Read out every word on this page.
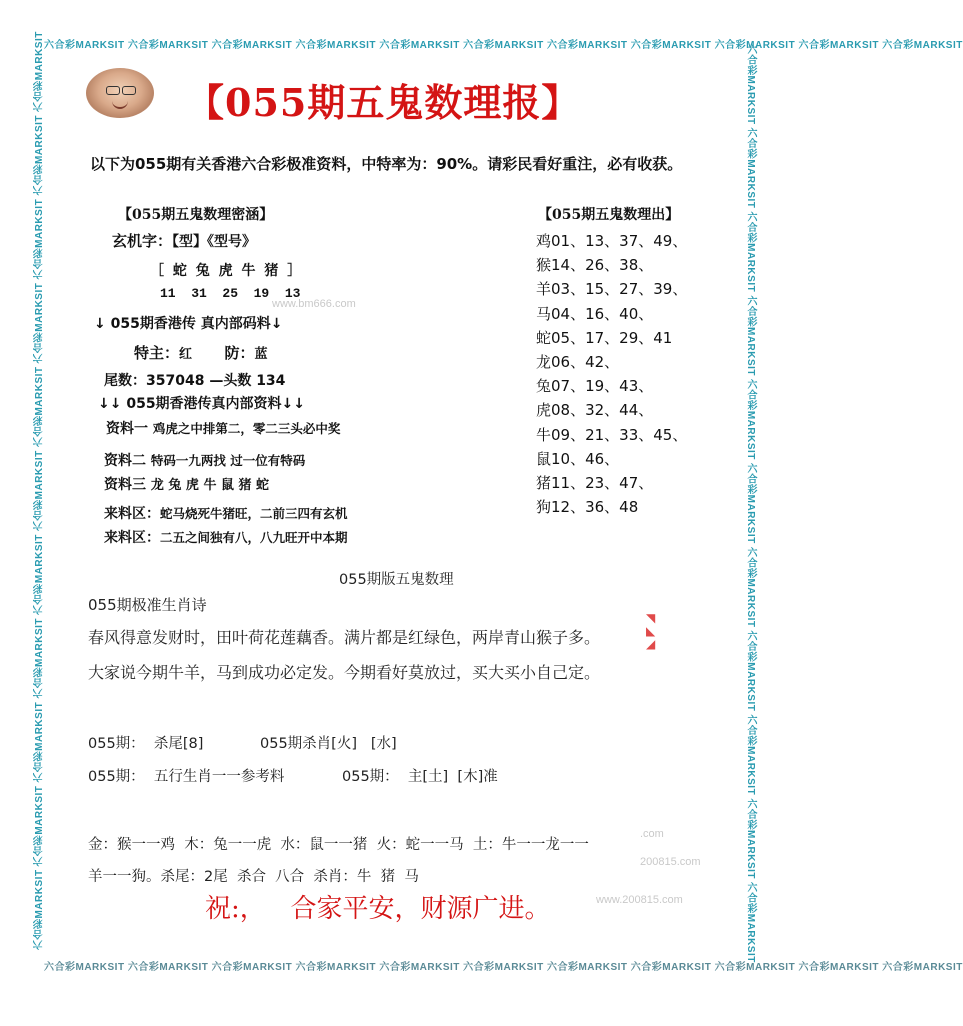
六合彩MARKSIT 六合彩MARKSIT 六合彩MARKSIT 六合彩MARKSIT 六合彩MARKSIT 六合彩MARKSIT 六合彩MARKSIT 六合彩MARKSIT 六合彩MARKSIT 六合彩MARKSIT 六合彩MARKSIT
六合彩MARKSIT 六合彩MARKSIT 六合彩MARKSIT 六合彩MARKSIT 六合彩MARKSIT 六合彩MARKSIT 六合彩MARKSIT 六合彩MARKSIT 六合彩MARKSIT 六合彩MARKSIT 六合彩MARKSIT	六合彩MARKSIT 六合彩MARKSIT 六合彩MARKSIT 六合彩MARKSIT 六合彩MARKSIT 六合彩MARKSIT 六合彩MARKSIT 六合彩MARKSIT 六合彩MARKSIT 六合彩MARKSIT 六合彩MARKSIT
六合彩MARKSIT 六合彩MARKSIT 六合彩MARKSIT 六合彩MARKSIT 六合彩MARKSIT 六合彩MARKSIT 六合彩MARKSIT 六合彩MARKSIT 六合彩MARKSIT 六合彩MARKSIT 六合彩MARKSIT
【055期五鬼数理报】
以下为055期有关香港六合彩极准资料，中特率为：90%。请彩民看好重注，必有收获。
【055期五鬼数理密涵】
玄机字：【型】《型号》
［ 蛇 兔 虎 牛 猪 ］
11  31  25  19  13
↓ 055期香港传 真内部码料↓
特主：红 防：蓝
尾数：357048 —头数 134
↓↓ 055期香港传真内部资料↓↓
资料一 鸡虎之中排第二，零二三头必中奖
资料二 特码一九两找 过一位有特码
资料三 龙 兔 虎 牛 鼠 猪 蛇
来料区：蛇马烧死牛猪旺，二前三四有玄机
来料区：二五之间独有八，八九旺开中本期
【055期五鬼数理出】
鸡01、13、37、49、
猴14、26、38、
羊03、15、27、39、
马04、16、40、
蛇05、17、29、41
龙06、42、
兔07、19、43、
虎08、32、44、
牛09、21、33、45、
鼠10、46、
猪11、23、47、
狗12、36、48
www.bm666.com
.com
200815.com
www.200815.com
055期版五鬼数理
055期极准生肖诗
春风得意发财时，田叶荷花莲藕香。满片都是红绿色，两岸青山猴子多。
大家说今期牛羊，马到成功必定发。今期看好莫放过，买大买小自己定。
◥
◣
◢
055期：  杀尾[8]	055期杀肖[火]   [水]
055期：  五行生肖一一参考料	055期：  主[土]  [木]准
金：猴一一鸡  木：兔一一虎  水：鼠一一猪  火：蛇一一马  土：牛一一龙一一
羊一一狗。杀尾：2尾  杀合  八合  杀肖：牛  猪  马
祝:，   合家平安，财源广进。
